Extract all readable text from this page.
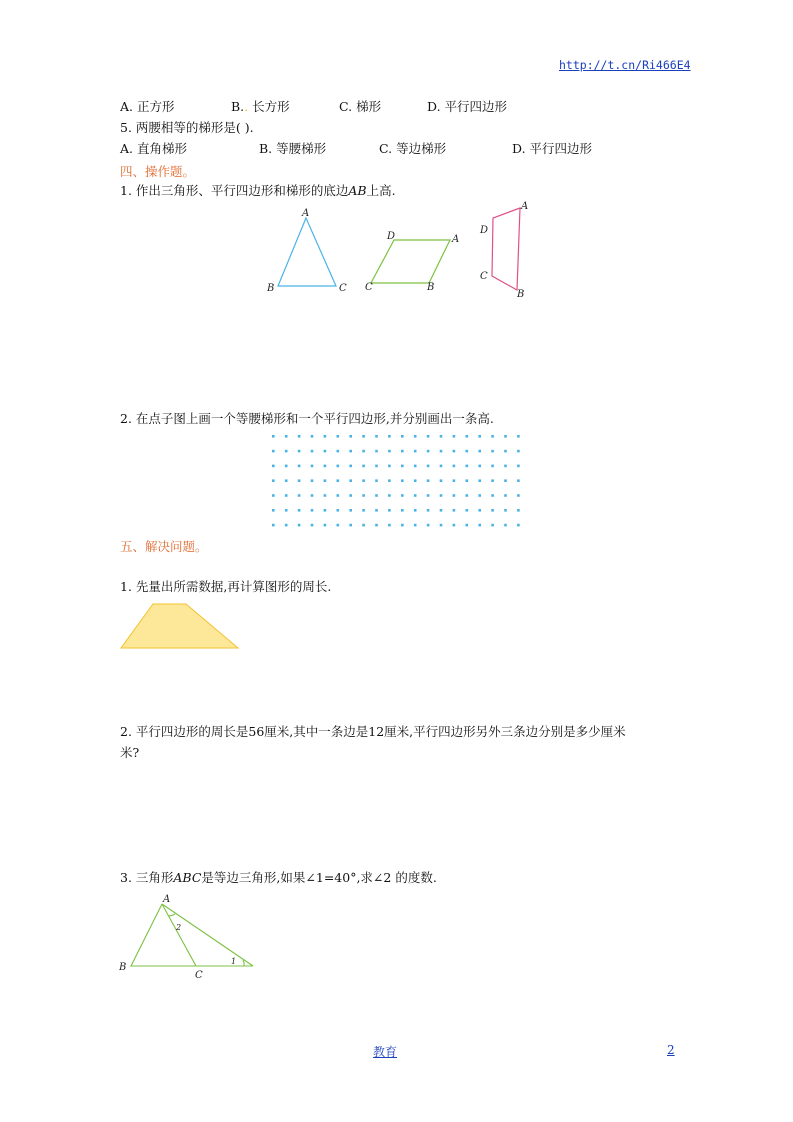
http://t.cn/Ri466E4
A. 正方形	B.. 长方形	C. 梯形	D. 平行四边形
5. 两腰相等的梯形是( ).
A. 直角梯形	B. 等腰梯形	C. 等边梯形	D. 平行四边形
四、操作题。
1. 作出三角形、平行四边形和梯形的底边AB上高.
A
B	C
D	A
C	B
A
D
C
B
2. 在点子图上画一个等腰梯形和一个平行四边形,并分别画出一条高.
五、解决问题。
1. 先量出所需数据,再计算图形的周长.
2. 平行四边形的周长是56厘米,其中一条边是12厘米,平行四边形另外三条边分别是多少厘米
米?
3. 三角形ABC是等边三角形,如果∠1=40°,求∠2 的度数.
A
B
C
1
2
教育	2
